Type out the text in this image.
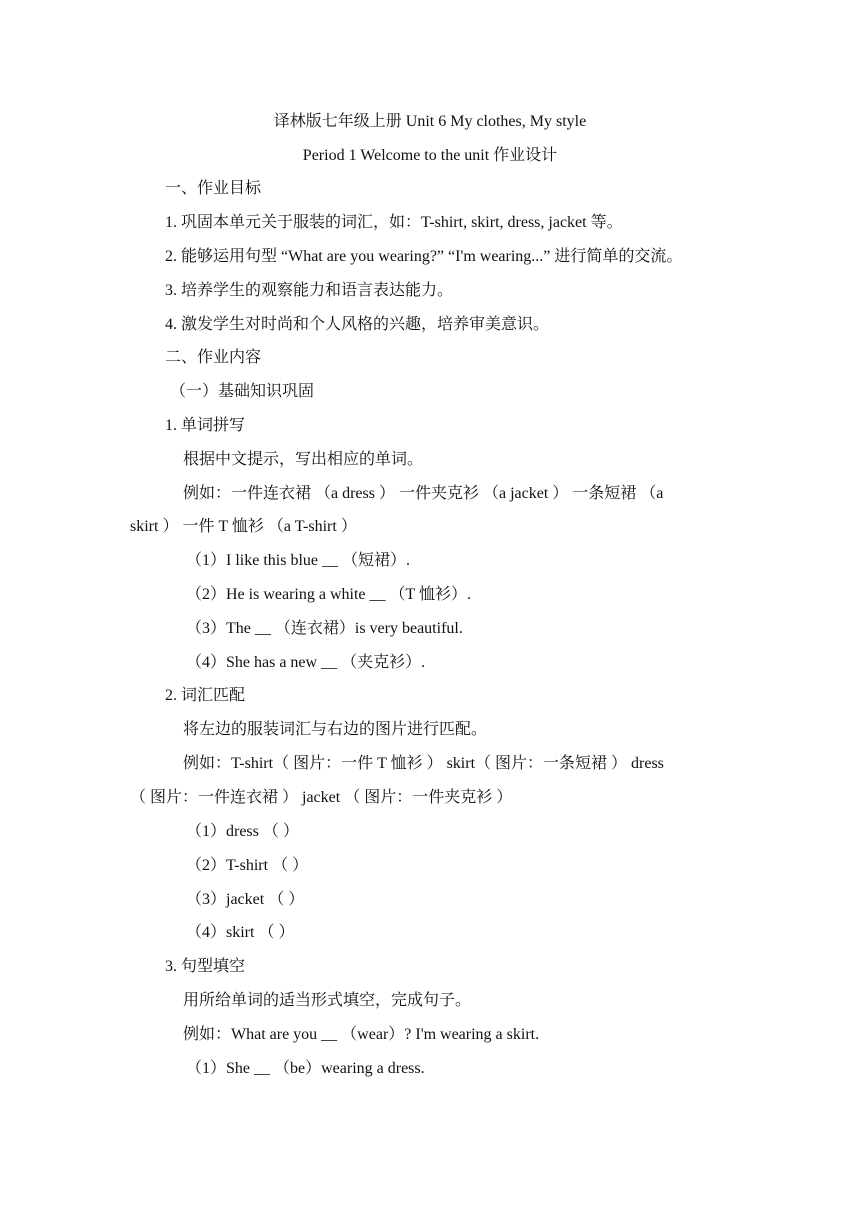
译林版七年级上册 Unit 6 My clothes, My style
Period 1 Welcome to the unit 作业设计
一、作业目标
1. 巩固本单元关于服装的词汇，如：T-shirt, skirt, dress, jacket 等。
2. 能够运用句型 “What are you wearing?” “I'm wearing...” 进行简单的交流。
3. 培养学生的观察能力和语言表达能力。
4. 激发学生对时尚和个人风格的兴趣，培养审美意识。
二、作业内容
（一）基础知识巩固
1. 单词拼写
根据中文提示，写出相应的单词。
例如：一件连衣裙 （a dress ） 一件夹克衫 （a jacket ） 一条短裙 （a
skirt ） 一件 T 恤衫 （a T-shirt ）
（1）I like this blue __ （短裙）.
（2）He is wearing a white __ （T 恤衫）.
（3）The __ （连衣裙）is very beautiful.
（4）She has a new __ （夹克衫）.
2. 词汇匹配
将左边的服装词汇与右边的图片进行匹配。
例如：T-shirt（ 图片：一件 T 恤衫 ） skirt（ 图片：一条短裙 ） dress
（ 图片：一件连衣裙 ） jacket （ 图片：一件夹克衫 ）
（1）dress （ ）
（2）T-shirt （ ）
（3）jacket （ ）
（4）skirt （ ）
3. 句型填空
用所给单词的适当形式填空，完成句子。
例如：What are you __ （wear）? I'm wearing a skirt.
（1）She __ （be）wearing a dress.
